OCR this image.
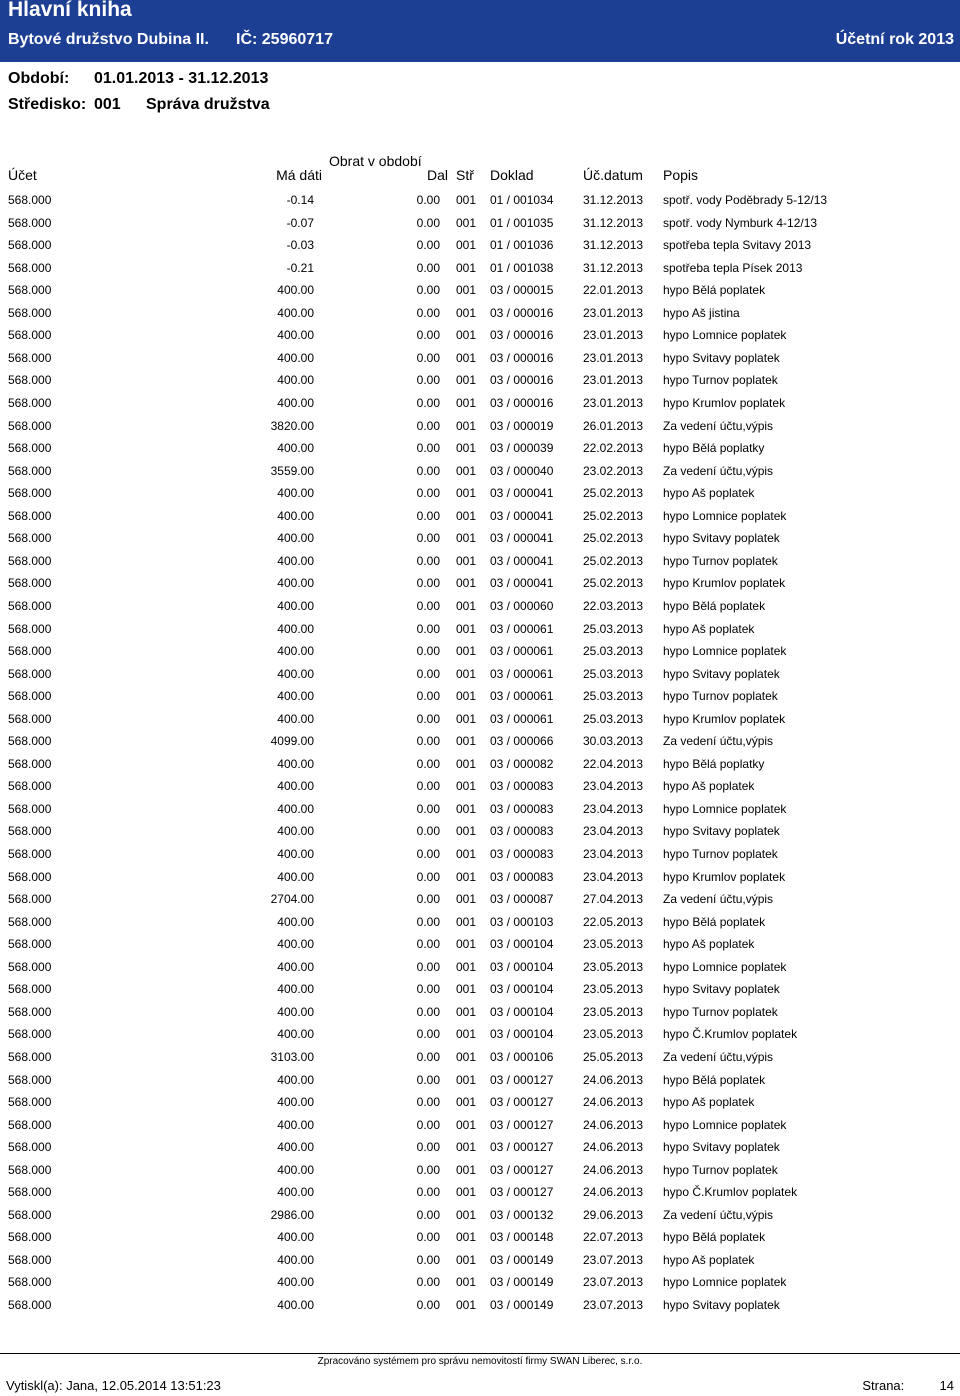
Hlavní kniha
Bytové družstvo Dubina II. IČ: 25960717	Účetní rok 2013
Období: 01.01.2013 - 31.12.2013
Středisko: 001 Správa družstva
Obrat v období
Účet	Má dáti	Dal Stř Doklad	Úč.datum Popis
568.000	-0.14	0.00 001 01 / 001034 31.12.2013 spotř. vody Poděbrady 5-12/13
568.000	-0.07	0.00 001 01 / 001035 31.12.2013 spotř. vody Nymburk 4-12/13
568.000	-0.03	0.00 001 01 / 001036 31.12.2013 spotřeba tepla Svitavy 2013
568.000	-0.21	0.00 001 01 / 001038 31.12.2013 spotřeba tepla Písek 2013
568.000	400.00	0.00 001 03 / 000015 22.01.2013 hypo Bělá poplatek
568.000	400.00	0.00 001 03 / 000016 23.01.2013 hypo Aš jistina
568.000	400.00	0.00 001 03 / 000016 23.01.2013 hypo Lomnice poplatek
568.000	400.00	0.00 001 03 / 000016 23.01.2013 hypo Svitavy poplatek
568.000	400.00	0.00 001 03 / 000016 23.01.2013 hypo Turnov poplatek
568.000	400.00	0.00 001 03 / 000016 23.01.2013 hypo Krumlov poplatek
568.000	3820.00	0.00 001 03 / 000019 26.01.2013 Za vedení účtu,výpis
568.000	400.00	0.00 001 03 / 000039 22.02.2013 hypo Bělá poplatky
568.000	3559.00	0.00 001 03 / 000040 23.02.2013 Za vedení účtu,výpis
568.000	400.00	0.00 001 03 / 000041 25.02.2013 hypo Aš poplatek
568.000	400.00	0.00 001 03 / 000041 25.02.2013 hypo Lomnice poplatek
568.000	400.00	0.00 001 03 / 000041 25.02.2013 hypo Svitavy poplatek
568.000	400.00	0.00 001 03 / 000041 25.02.2013 hypo Turnov poplatek
568.000	400.00	0.00 001 03 / 000041 25.02.2013 hypo Krumlov poplatek
568.000	400.00	0.00 001 03 / 000060 22.03.2013 hypo Bělá poplatek
568.000	400.00	0.00 001 03 / 000061 25.03.2013 hypo Aš poplatek
568.000	400.00	0.00 001 03 / 000061 25.03.2013 hypo Lomnice poplatek
568.000	400.00	0.00 001 03 / 000061 25.03.2013 hypo Svitavy poplatek
568.000	400.00	0.00 001 03 / 000061 25.03.2013 hypo Turnov poplatek
568.000	400.00	0.00 001 03 / 000061 25.03.2013 hypo Krumlov poplatek
568.000	4099.00	0.00 001 03 / 000066 30.03.2013 Za vedení účtu,výpis
568.000	400.00	0.00 001 03 / 000082 22.04.2013 hypo Bělá poplatky
568.000	400.00	0.00 001 03 / 000083 23.04.2013 hypo Aš poplatek
568.000	400.00	0.00 001 03 / 000083 23.04.2013 hypo Lomnice poplatek
568.000	400.00	0.00 001 03 / 000083 23.04.2013 hypo Svitavy poplatek
568.000	400.00	0.00 001 03 / 000083 23.04.2013 hypo Turnov poplatek
568.000	400.00	0.00 001 03 / 000083 23.04.2013 hypo Krumlov poplatek
568.000	2704.00	0.00 001 03 / 000087 27.04.2013 Za vedení účtu,výpis
568.000	400.00	0.00 001 03 / 000103 22.05.2013 hypo Bělá poplatek
568.000	400.00	0.00 001 03 / 000104 23.05.2013 hypo Aš poplatek
568.000	400.00	0.00 001 03 / 000104 23.05.2013 hypo Lomnice poplatek
568.000	400.00	0.00 001 03 / 000104 23.05.2013 hypo Svitavy poplatek
568.000	400.00	0.00 001 03 / 000104 23.05.2013 hypo Turnov poplatek
568.000	400.00	0.00 001 03 / 000104 23.05.2013 hypo Č.Krumlov poplatek
568.000	3103.00	0.00 001 03 / 000106 25.05.2013 Za vedení účtu,výpis
568.000	400.00	0.00 001 03 / 000127 24.06.2013 hypo Bělá poplatek
568.000	400.00	0.00 001 03 / 000127 24.06.2013 hypo Aš poplatek
568.000	400.00	0.00 001 03 / 000127 24.06.2013 hypo Lomnice poplatek
568.000	400.00	0.00 001 03 / 000127 24.06.2013 hypo Svitavy poplatek
568.000	400.00	0.00 001 03 / 000127 24.06.2013 hypo Turnov poplatek
568.000	400.00	0.00 001 03 / 000127 24.06.2013 hypo Č.Krumlov poplatek
568.000	2986.00	0.00 001 03 / 000132 29.06.2013 Za vedení účtu,výpis
568.000	400.00	0.00 001 03 / 000148 22.07.2013 hypo Bělá poplatek
568.000	400.00	0.00 001 03 / 000149 23.07.2013 hypo Aš poplatek
568.000	400.00	0.00 001 03 / 000149 23.07.2013 hypo Lomnice poplatek
568.000	400.00	0.00 001 03 / 000149 23.07.2013 hypo Svitavy poplatek
Zpracováno systémem pro správu nemovitostí firmy SWAN Liberec, s.r.o.
Vytiskl(a): Jana, 12.05.2014 13:51:23	Strana:	14
